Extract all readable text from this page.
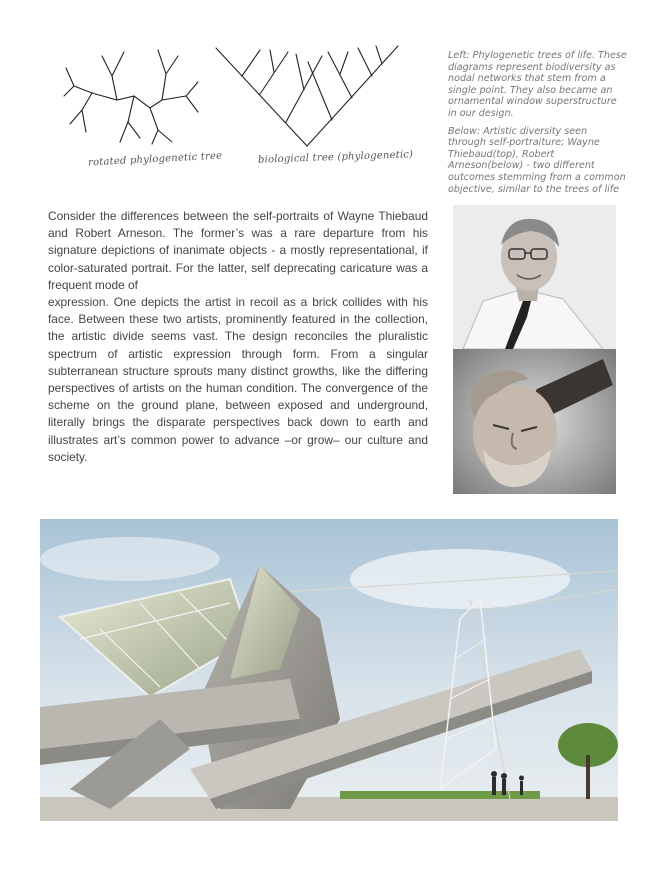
rotated phylogenetic tree	biological tree (phylogenetic)

Left: Phylogenetic trees of life. These diagrams represent biodiversity as nodal networks that stem from a single point. They also became an ornamental window superstructure in our design.

Below: Artistic diversity seen through self-portraiture; Wayne Thiebaud(top), Robert Arneson(below) - two different outcomes stemming from a common objective, similar to the trees of life

Consider the differences between the self-portraits of Wayne Thiebaud and Robert Arneson. The former’s was a rare departure from his signature depictions of inanimate objects - a mostly representational, if color-saturated portrait. For the latter, self deprecating caricature was a frequent mode of

expression. One depicts the artist in recoil as a brick collides with his face. Between these two artists, prominently featured in the collection, the artistic divide seems vast. The design reconciles the pluralistic spectrum of artistic expression through form. From a singular subterranean structure sprouts many distinct growths, like the differing perspectives of artists on the human condition. The convergence of the scheme on the ground plane, between exposed and underground, literally brings the disparate perspectives back down to earth and illustrates art’s common power to advance –or grow– our culture and society.
